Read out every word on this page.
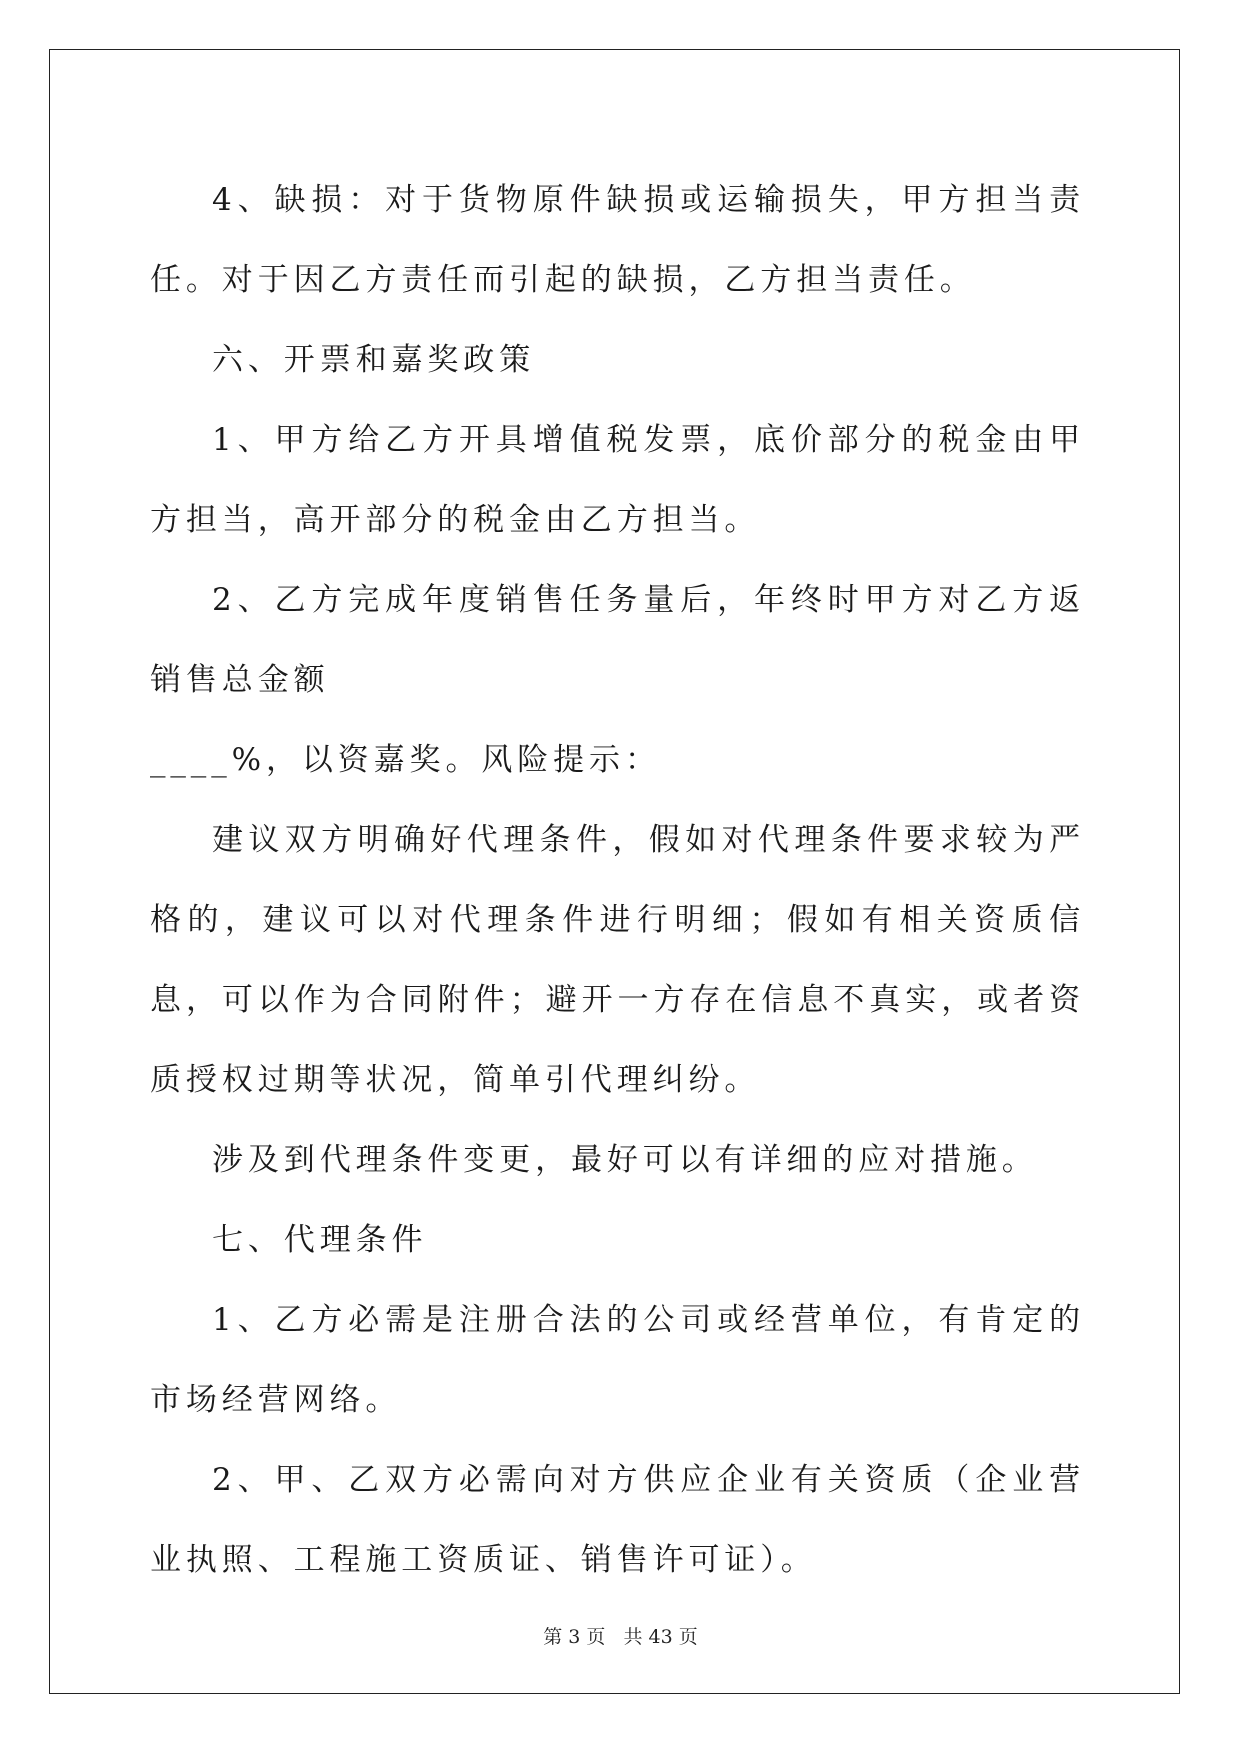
4、缺损：对于货物原件缺损或运输损失，甲方担当责任。对于因乙方责任而引起的缺损，乙方担当责任。

六、开票和嘉奖政策

1、甲方给乙方开具增值税发票，底价部分的税金由甲方担当，高开部分的税金由乙方担当。

2、乙方完成年度销售任务量后，年终时甲方对乙方返销售总金额

____%，以资嘉奖。风险提示：

建议双方明确好代理条件，假如对代理条件要求较为严格的，建议可以对代理条件进行明细；假如有相关资质信息，可以作为合同附件；避开一方存在信息不真实，或者资质授权过期等状况，简单引代理纠纷。

涉及到代理条件变更，最好可以有详细的应对措施。

七、代理条件

1、乙方必需是注册合法的公司或经营单位，有肯定的市场经营网络。

2、甲、乙双方必需向对方供应企业有关资质（企业营业执照、工程施工资质证、销售许可证）。

第 3 页 共 43 页
